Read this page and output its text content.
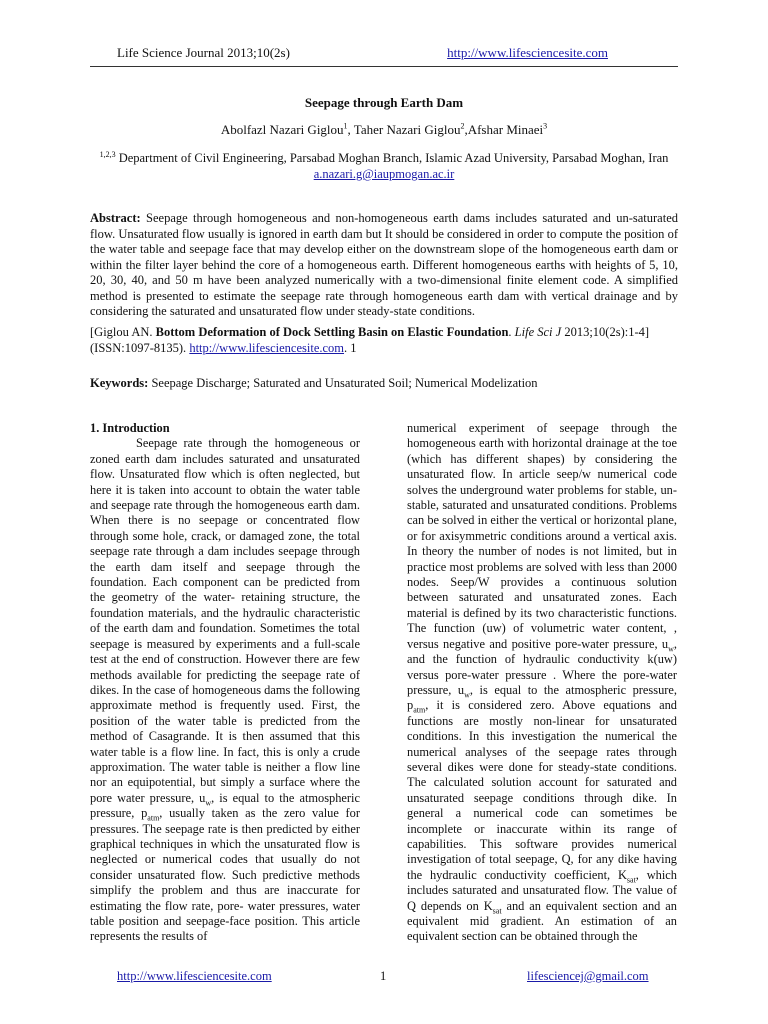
Life Science Journal 2013;10(2s)	http://www.lifesciencesite.com
Seepage through Earth Dam
Abolfazl Nazari Giglou$^1$, Taher Nazari Giglou$^2$,Afshar Minaei$^3$
$^{1,2,3}$ Department of Civil Engineering, Parsabad Moghan Branch, Islamic Azad University, Parsabad Moghan, Iran
a.nazari.g@iaupmogan.ac.ir
Abstract: Seepage through homogeneous and non-homogeneous earth dams includes saturated and un-saturated flow. Unsaturated flow usually is ignored in earth dam but It should be considered in order to compute the position of the water table and seepage face that may develop either on the downstream slope of the homogeneous earth dam or within the filter layer behind the core of a homogeneous earth. Different homogeneous earths with heights of 5, 10, 20, 30, 40, and 50 m have been analyzed numerically with a two-dimensional finite element code. A simplified method is presented to estimate the seepage rate through homogeneous earth dam with vertical drainage and by considering the saturated and unsaturated flow under steady-state conditions.
[Giglou AN. Bottom Deformation of Dock Settling Basin on Elastic Foundation. Life Sci J 2013;10(2s):1-4]
(ISSN:1097-8135). http://www.lifesciencesite.com. 1
Keywords: Seepage Discharge; Saturated and Unsaturated Soil; Numerical Modelization
1. Introduction
Seepage rate through the homogeneous or zoned earth dam includes saturated and unsaturated flow. Unsaturated flow which is often neglected, but here it is taken into account to obtain the water table and seepage rate through the homogeneous earth dam. When there is no seepage or concentrated flow through some hole, crack, or damaged zone, the total seepage rate through a dam includes seepage through the earth dam itself and seepage through the foundation. Each component can be predicted from the geometry of the water- retaining structure, the foundation materials, and the hydraulic characteristic of the earth dam and foundation. Sometimes the total seepage is measured by experiments and a full-scale test at the end of construction. However there are few methods available for predicting the seepage rate of dikes. In the case of homogeneous dams the following approximate method is frequently used. First, the position of the water table is predicted from the method of Casagrande. It is then assumed that this water table is a flow line. In fact, this is only a crude approximation. The water table is neither a flow line nor an equipotential, but simply a surface where the pore water pressure, $u_w$, is equal to the atmospheric pressure, $p_{atm}$, usually taken as the zero value for pressures. The seepage rate is then predicted by either graphical techniques in which the unsaturated flow is neglected or numerical codes that usually do not consider unsaturated flow. Such predictive methods simplify the problem and thus are inaccurate for estimating the flow rate, pore- water pressures, water table position and seepage-face position. This article represents the results of
numerical experiment of seepage through the homogeneous earth with horizontal drainage at the toe (which has different shapes) by considering the unsaturated flow. In article seep/w numerical code solves the underground water problems for stable, un-stable, saturated and unsaturated conditions. Problems can be solved in either the vertical or horizontal plane, or for axisymmetric conditions around a vertical axis. In theory the number of nodes is not limited, but in practice most problems are solved with less than 2000 nodes. Seep/W provides a continuous solution between saturated and unsaturated zones. Each material is defined by its two characteristic functions. The function (uw) of volumetric water content, , versus negative and positive pore-water pressure, $u_w$, and the function of hydraulic conductivity k(uw) versus pore-water pressure . Where the pore-water pressure, $u_w$, is equal to the atmospheric pressure, $p_{atm}$, it is considered zero. Above equations and functions are mostly non-linear for unsaturated conditions. In this investigation the numerical the numerical analyses of the seepage rates through several dikes were done for steady-state conditions. The calculated solution account for saturated and unsaturated seepage conditions through dike. In general a numerical code can sometimes be incomplete or inaccurate within its range of capabilities. This software provides numerical investigation of total seepage, Q, for any dike having the hydraulic conductivity coefficient, $K_{sat}$, which includes saturated and unsaturated flow. The value of Q depends on $K_{sat}$ and an equivalent section and an equivalent mid gradient. An estimation of an equivalent section can be obtained through the
http://www.lifesciencesite.com	1	lifesciencej@gmail.com
